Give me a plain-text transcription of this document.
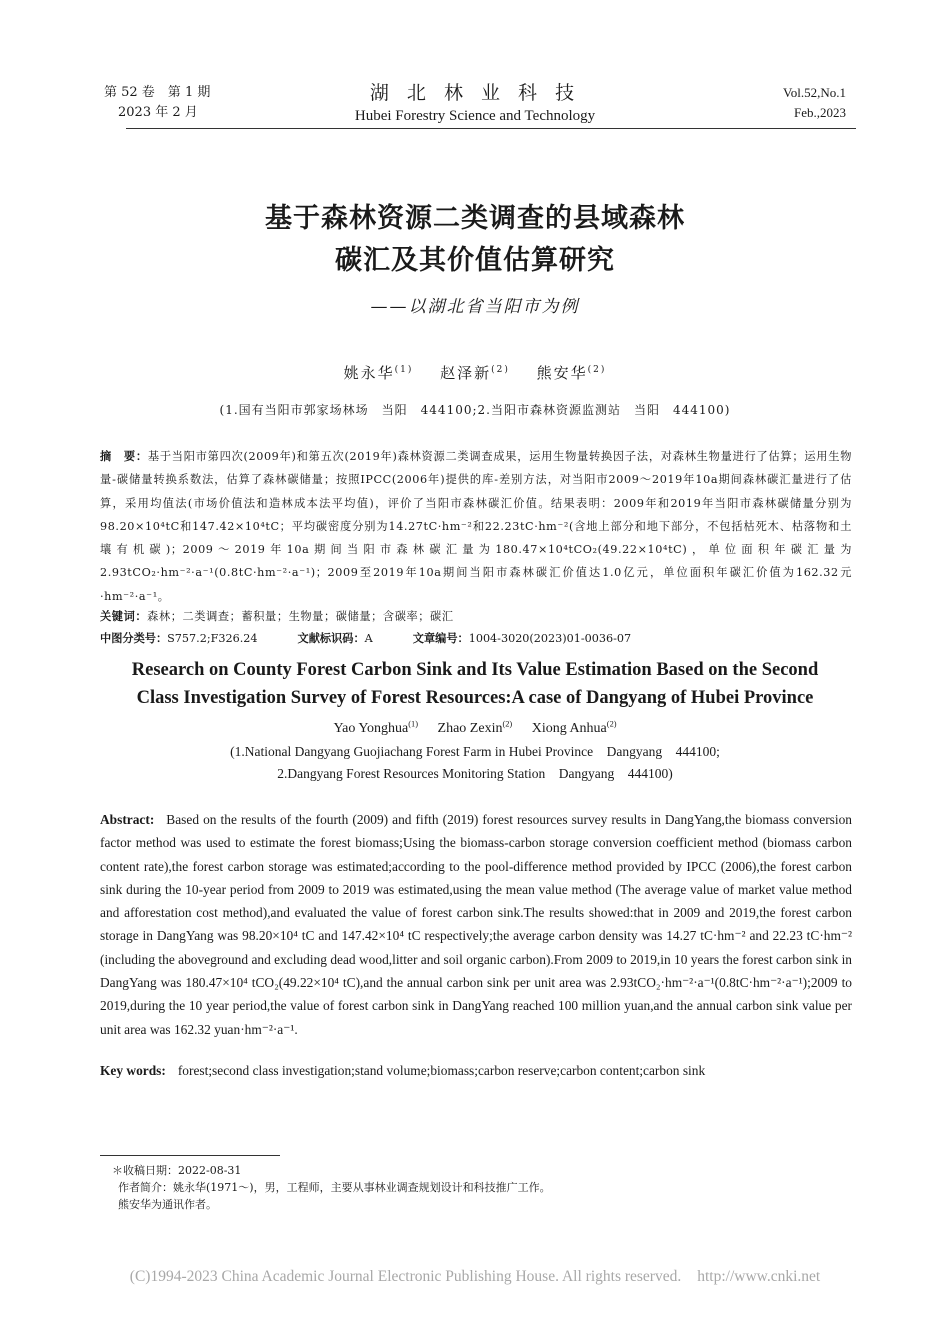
第 52 卷　第 1 期
2023 年 2 月
湖 北 林 业 科 技
Hubei Forestry Science and Technology
Vol.52,No.1
Feb.,2023
基于森林资源二类调查的县域森林
碳汇及其价值估算研究
——以湖北省当阳市为例
姚永华$^{(1)}$ 赵泽新$^{(2)}$ 熊安华$^{(2)}$
(1.国有当阳市郭家场林场　当阳　444100;2.当阳市森林资源监测站　当阳　444100)
摘　要：基于当阳市第四次(2009年)和第五次(2019年)森林资源二类调查成果，运用生物量转换因子法，对森林生物量进行了估算；运用生物量-碳储量转换系数法，估算了森林碳储量；按照IPCC(2006年)提供的库-差别方法，对当阳市2009～2019年10a期间森林碳汇量进行了估算，采用均值法(市场价值法和造林成本法平均值)，评价了当阳市森林碳汇价值。结果表明：2009年和2019年当阳市森林碳储量分别为98.20×10⁴tC和147.42×10⁴tC；平均碳密度分别为14.27tC·hm⁻²和22.23tC·hm⁻²(含地上部分和地下部分，不包括枯死木、枯落物和土壤有机碳)；2009～2019年10a期间当阳市森林碳汇量为180.47×10⁴tCO₂(49.22×10⁴tC)，单位面积年碳汇量为2.93tCO₂·hm⁻²·a⁻¹(0.8tC·hm⁻²·a⁻¹)；2009至2019年10a期间当阳市森林碳汇价值达1.0亿元，单位面积年碳汇价值为162.32元·hm⁻²·a⁻¹。
关键词：森林；二类调查；蓄积量；生物量；碳储量；含碳率；碳汇
中图分类号：S757.2;F326.24	文献标识码：A	文章编号：1004-3020(2023)01-0036-07
Research on County Forest Carbon Sink and Its Value Estimation Based on the Second
Class Investigation Survey of Forest Resources:A case of Dangyang of Hubei Province
Yao Yonghua$^{(1)}$ Zhao Zexin$^{(2)}$ Xiong Anhua$^{(2)}$
(1.National Dangyang Guojiachang Forest Farm in Hubei Province　Dangyang　444100;
2.Dangyang Forest Resources Monitoring Station　Dangyang　444100)
Abstract: Based on the results of the fourth (2009) and fifth (2019) forest resources survey results in DangYang,the biomass conversion factor method was used to estimate the forest biomass;Using the biomass-carbon storage conversion coefficient method (biomass carbon content rate),the forest carbon storage was estimated;according to the pool-difference method provided by IPCC (2006),the forest carbon sink during the 10-year period from 2009 to 2019 was estimated,using the mean value method (The average value of market value method and afforestation cost method),and evaluated the value of forest carbon sink.The results showed:that in 2009 and 2019,the forest carbon storage in DangYang was 98.20×10⁴ tC and 147.42×10⁴ tC respectively;the average carbon density was 14.27 tC·hm⁻² and 22.23 tC·hm⁻² (including the aboveground and excluding dead wood,litter and soil organic carbon).From 2009 to 2019,in 10 years the forest carbon sink in DangYang was 180.47×10⁴ tCO₂(49.22×10⁴ tC),and the annual carbon sink per unit area was 2.93tCO₂·hm⁻²·a⁻¹(0.8tC·hm⁻²·a⁻¹);2009 to 2019,during the 10 year period,the value of forest carbon sink in DangYang reached 100 million yuan,and the annual carbon sink value per unit area was 162.32 yuan·hm⁻²·a⁻¹.
Key words: forest;second class investigation;stand volume;biomass;carbon reserve;carbon content;carbon sink
＊收稿日期：2022-08-31
作者简介：姚永华(1971～)，男，工程师，主要从事林业调查规划设计和科技推广工作。
熊安华为通讯作者。
(C)1994-2023 China Academic Journal Electronic Publishing House. All rights reserved. http://www.cnki.net
